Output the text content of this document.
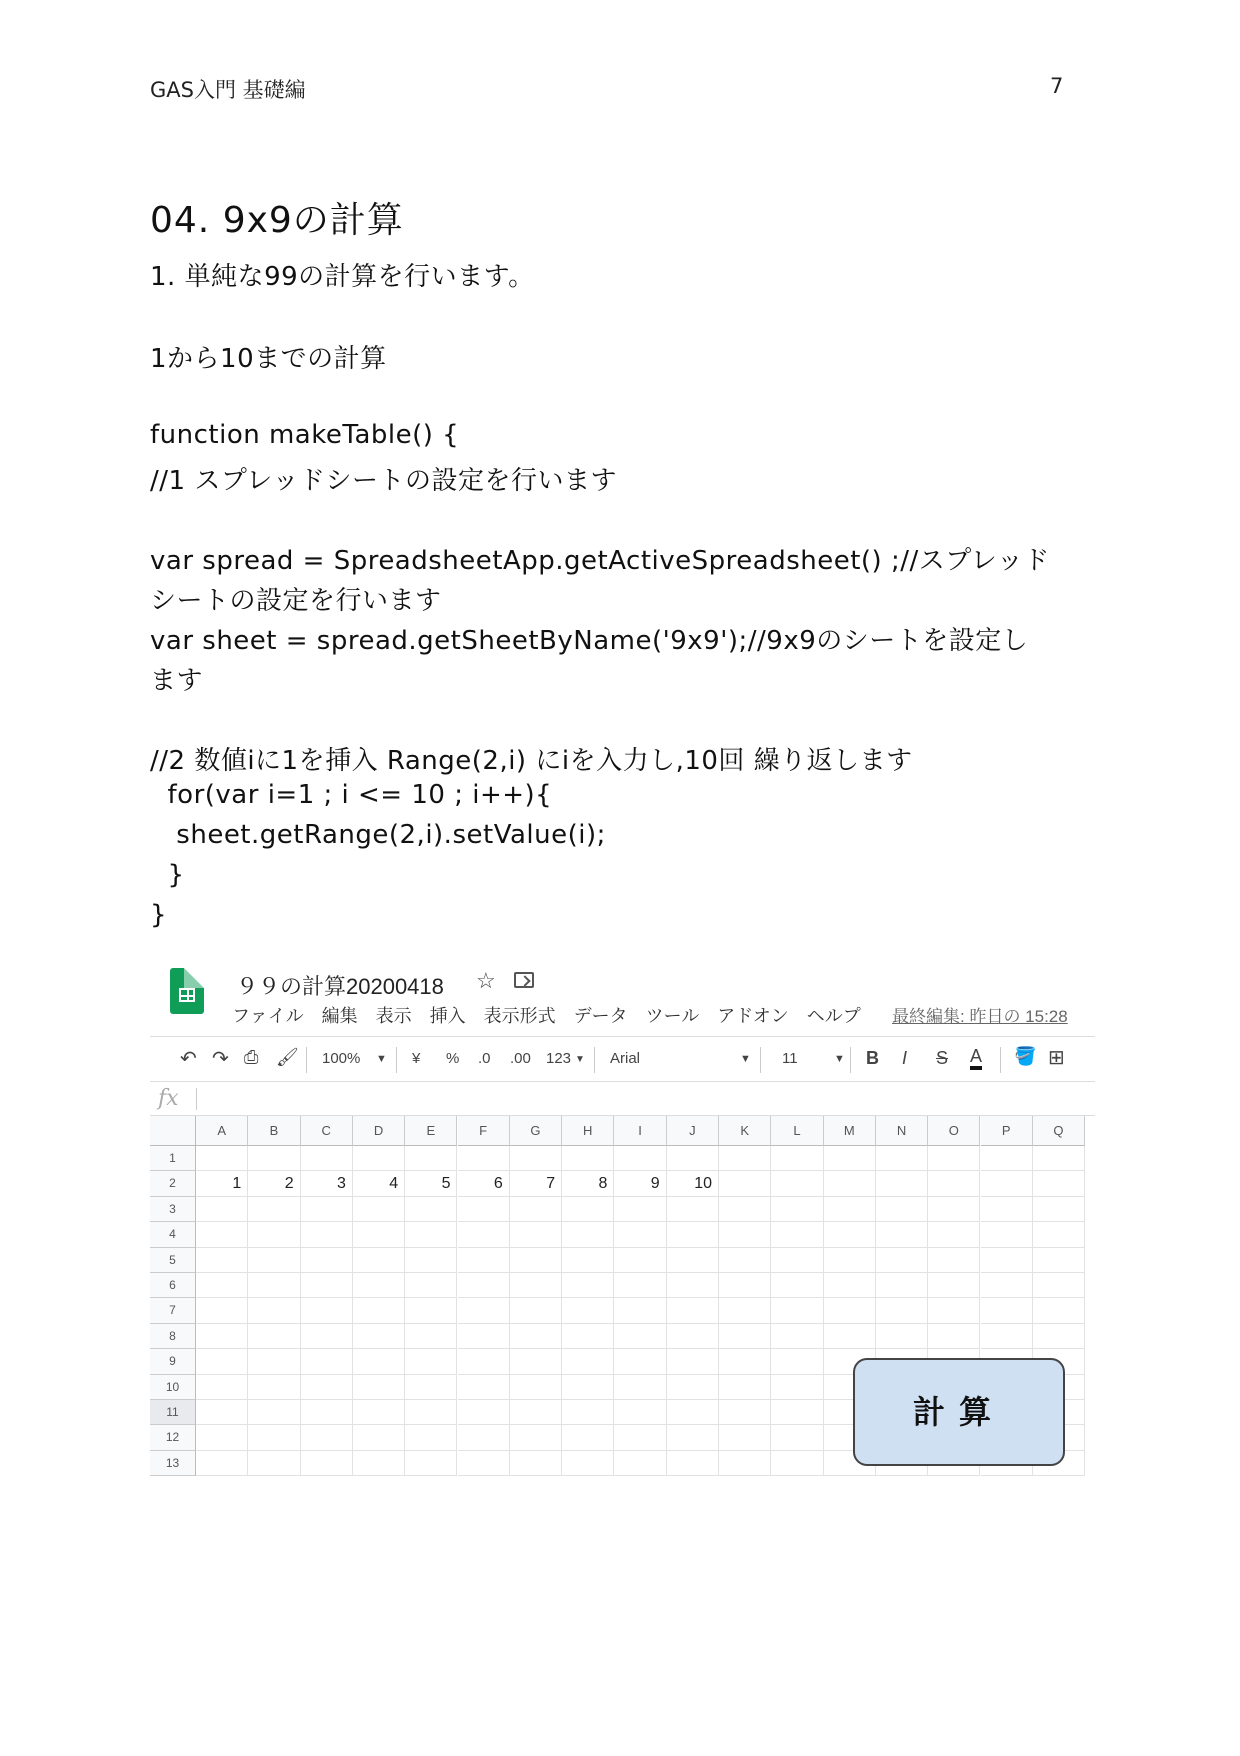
GAS入門 基礎編	7
04. 9x9の計算
1. 単純な99の計算を行います。
1から10までの計算
function makeTable() {
//1 スプレッドシートの設定を行います
var spread = SpreadsheetApp.getActiveSpreadsheet() ;//スプレッド
シートの設定を行います
var sheet = spread.getSheetByName('9x9');//9x9のシートを設定し
ます
//2 数値iに1を挿入 Range(2,i) にiを入力し,10回 繰り返します
for(var i=1 ; i <= 10 ; i++){
sheet.getRange(2,i).setValue(i);
}
}
９９の計算20200418 ☆
ファイル 編集 表示 挿入 表示形式 データ ツール アドオン ヘルプ 最終編集: 昨日の 15:28
↶ ↷ ⎙ 🖌 100% ▼ ¥ % .0 .00 123 ▼ Arial	▼ 11	▼ B I S A 🪣 ⊞
fx
A	B	C	D	E	F	G	H	I	J	K	L	M	N	O	P	Q
1
2	1	2	3	4	5	6	7	8	9	10
3
4
5
6
7
8
9
10
11
12
13
計算
